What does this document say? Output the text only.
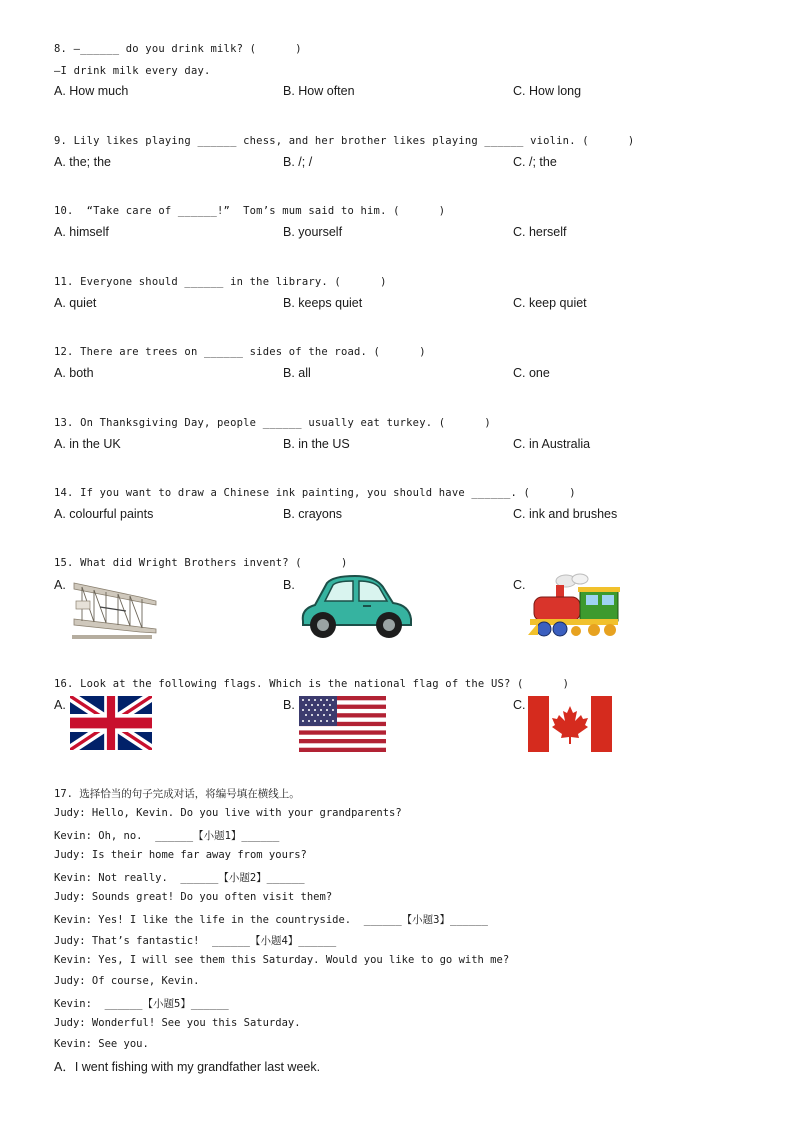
8. —______ do you drink milk? (      )
—I drink milk every day.
A. How much	B. How often	C. How long
9. Lily likes playing ______ chess, and her brother likes playing ______ violin. (      )
A. the; the	B. /; /	C. /; the
10.  “Take care of ______!”  Tom’s mum said to him. (      )
A. himself	B. yourself	C. herself
11. Everyone should ______ in the library. (      )
A. quiet	B. keeps quiet	C. keep quiet
12. There are trees on ______ sides of the road. (      )
A. both	B. all	C. one
13. On Thanksgiving Day, people ______ usually eat turkey. (      )
A. in the UK	B. in the US	C. in Australia
14. If you want to draw a Chinese ink painting, you should have ______. (      )
A. colourful paints	B. crayons	C. ink and brushes
15. What did Wright Brothers invent? (      )
A.	B.	C.
16. Look at the following flags. Which is the national flag of the US? (      )
A.	B.	C.
17. 选择恰当的句子完成对话，将编号填在横线上。
Judy: Hello, Kevin. Do you live with your grandparents?
Kevin: Oh, no.  ______【小题1】______
Judy: Is their home far away from yours?
Kevin: Not really.  ______【小题2】______
Judy: Sounds great! Do you often visit them?
Kevin: Yes! I like the life in the countryside.  ______【小题3】______
Judy: That’s fantastic!  ______【小题4】______
Kevin: Yes, I will see them this Saturday. Would you like to go with me?
Judy: Of course, Kevin.
Kevin:  ______【小题5】______
Judy: Wonderful! See you this Saturday.
Kevin: See you.
A．I went fishing with my grandfather last week.
